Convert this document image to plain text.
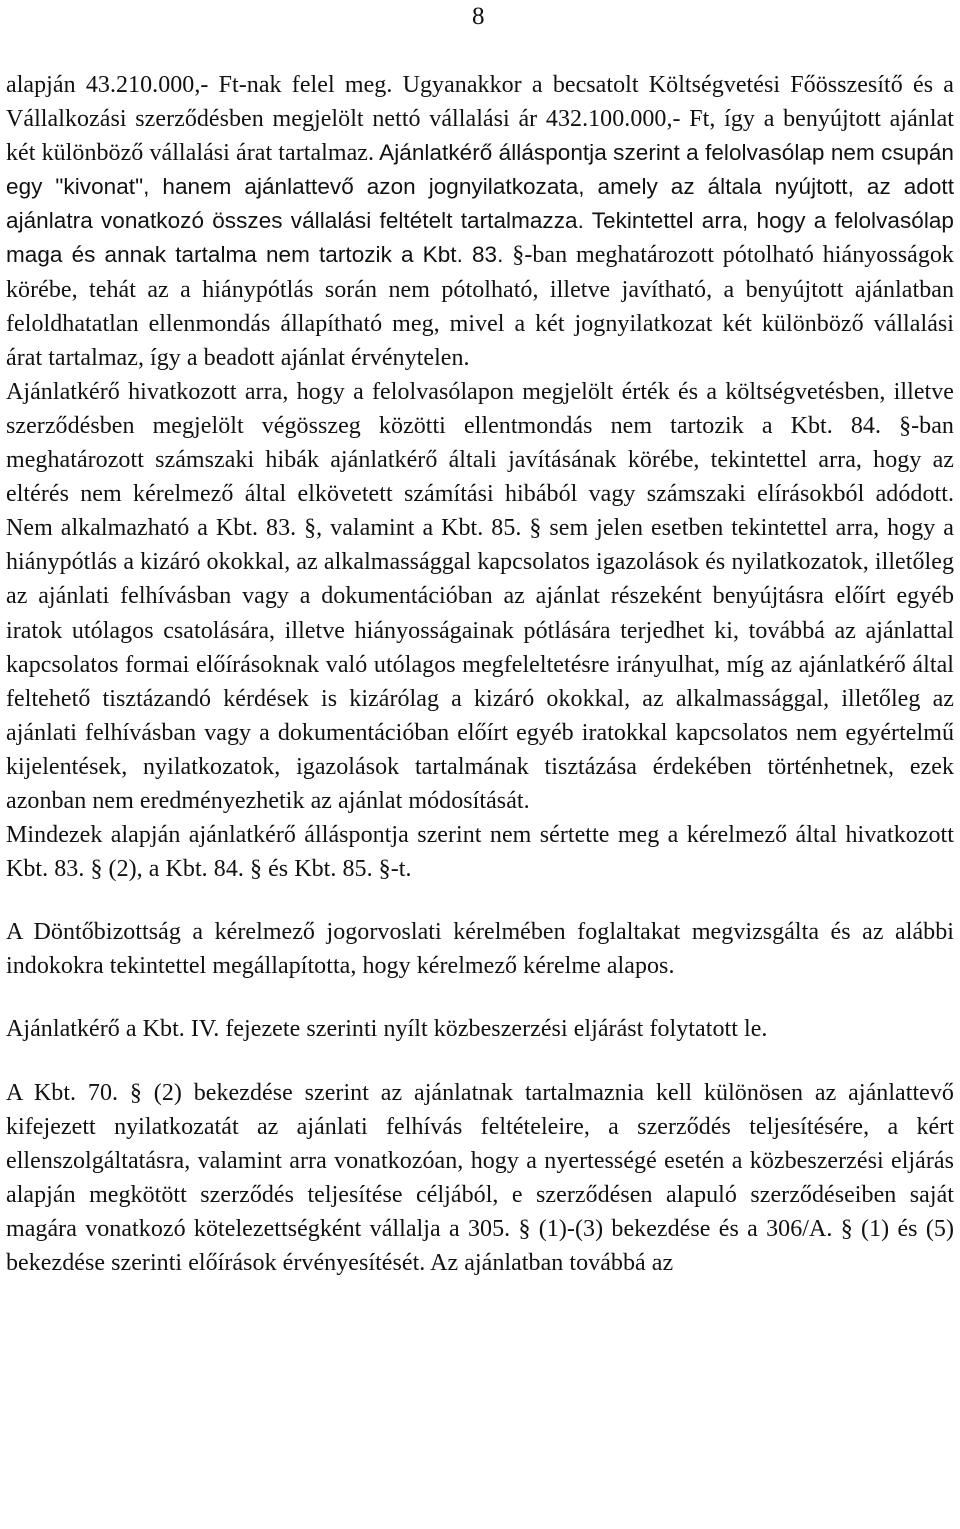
8

alapján 43.210.000,- Ft-nak felel meg. Ugyanakkor a becsatolt Költségvetési Főösszesítő és a Vállalkozási szerződésben megjelölt nettó vállalási ár 432.100.000,- Ft, így a benyújtott ajánlat két különböző vállalási árat tartalmaz. Ajánlatkérő álláspontja szerint a felolvasólap nem csupán egy "kivonat", hanem ajánlattevő azon jognyilatkozata, amely az általa nyújtott, az adott ajánlatra vonatkozó összes vállalási feltételt tartalmazza. Tekintettel arra, hogy a felolvasólap maga és annak tartalma nem tartozik a Kbt. 83. §-ban meghatározott pótolható hiányosságok körébe, tehát az a hiánypótlás során nem pótolható, illetve javítható, a benyújtott ajánlatban feloldhatatlan ellenmondás állapítható meg, mivel a két jognyilatkozat két különböző vállalási árat tartalmaz, így a beadott ajánlat érvénytelen.

Ajánlatkérő hivatkozott arra, hogy a felolvasólapon megjelölt érték és a költségvetésben, illetve szerződésben megjelölt végösszeg közötti ellentmondás nem tartozik a Kbt. 84. §-ban meghatározott számszaki hibák ajánlatkérő általi javításának körébe, tekintettel arra, hogy az eltérés nem kérelmező által elkövetett számítási hibából vagy számszaki elírásokból adódott. Nem alkalmazható a Kbt. 83. §, valamint a Kbt. 85. § sem jelen esetben tekintettel arra, hogy a hiánypótlás a kizáró okokkal, az alkalmassággal kapcsolatos igazolások és nyilatkozatok, illetőleg az ajánlati felhívásban vagy a dokumentációban az ajánlat részeként benyújtásra előírt egyéb iratok utólagos csatolására, illetve hiányosságainak pótlására terjedhet ki, továbbá az ajánlattal kapcsolatos formai előírásoknak való utólagos megfeleltetésre irányulhat, míg az ajánlatkérő által feltehető tisztázandó kérdések is kizárólag a kizáró okokkal, az alkalmassággal, illetőleg az ajánlati felhívásban vagy a dokumentációban előírt egyéb iratokkal kapcsolatos nem egyértelmű kijelentések, nyilatkozatok, igazolások tartalmának tisztázása érdekében történhetnek, ezek azonban nem eredményezhetik az ajánlat módosítását.

Mindezek alapján ajánlatkérő álláspontja szerint nem sértette meg a kérelmező által hivatkozott Kbt. 83. § (2), a Kbt. 84. § és Kbt. 85. §-t.

A Döntőbizottság a kérelmező jogorvoslati kérelmében foglaltakat megvizsgálta és az alábbi indokokra tekintettel megállapította, hogy kérelmező kérelme alapos.

Ajánlatkérő a Kbt. IV. fejezete szerinti nyílt közbeszerzési eljárást folytatott le.

A Kbt. 70. § (2) bekezdése szerint az ajánlatnak tartalmaznia kell különösen az ajánlattevő kifejezett nyilatkozatát az ajánlati felhívás feltételeire, a szerződés teljesítésére, a kért ellenszolgáltatásra, valamint arra vonatkozóan, hogy a nyertességé esetén a közbeszerzési eljárás alapján megkötött szerződés teljesítése céljából, e szerződésen alapuló szerződéseiben saját magára vonatkozó kötelezettségként vállalja a 305. § (1)-(3) bekezdése és a 306/A. § (1) és (5) bekezdése szerinti előírások érvényesítését. Az ajánlatban továbbá az
